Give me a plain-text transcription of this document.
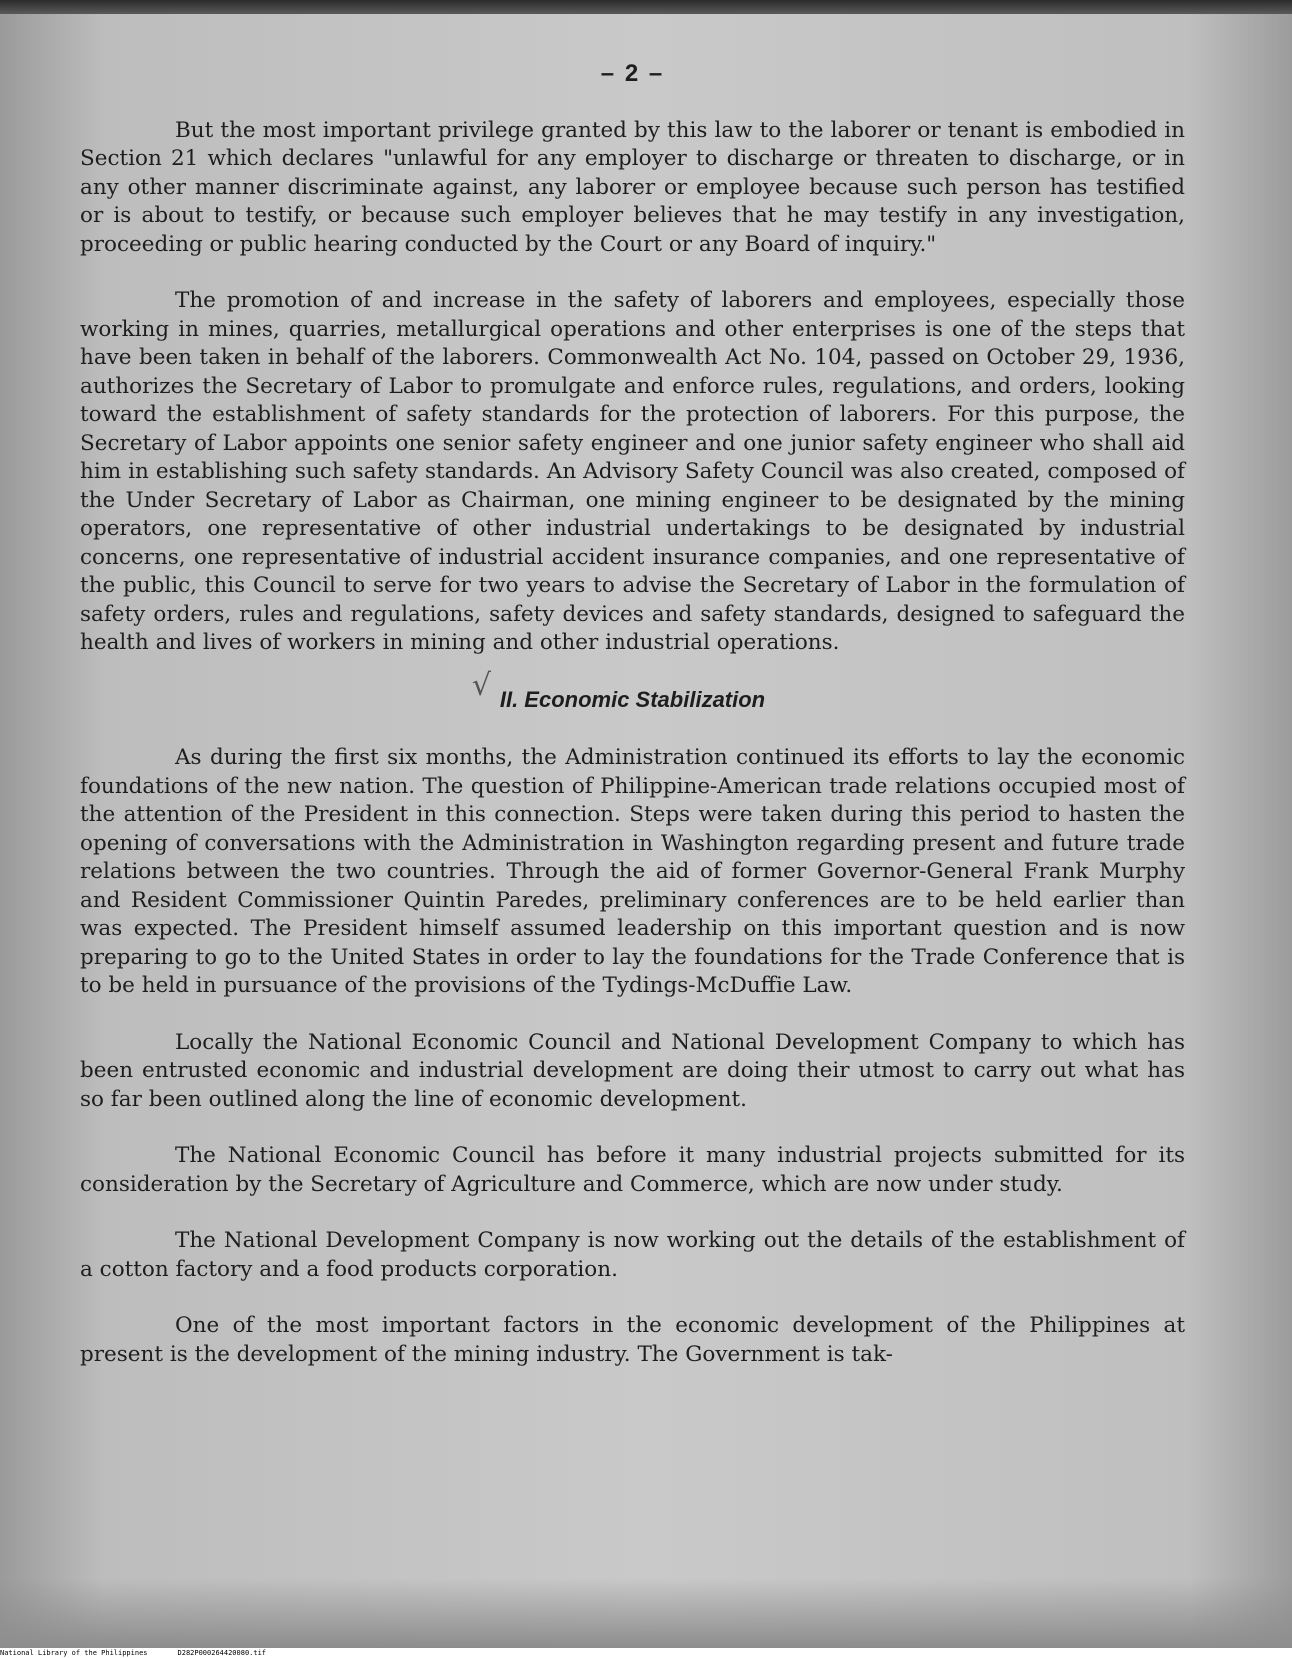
– 2 –

But the most important privilege granted by this law to the laborer or tenant is embodied in Section 21 which declares "unlawful for any employer to discharge or threaten to discharge, or in any other manner discriminate against, any laborer or employee because such person has testified or is about to testify, or because such employer believes that he may testify in any investigation, proceeding or public hearing conducted by the Court or any Board of inquiry."

The promotion of and increase in the safety of laborers and employees, especially those working in mines, quarries, metallurgical operations and other enterprises is one of the steps that have been taken in behalf of the laborers. Commonwealth Act No. 104, passed on October 29, 1936, authorizes the Secretary of Labor to promulgate and enforce rules, regulations, and orders, looking toward the establishment of safety standards for the protection of laborers. For this purpose, the Secretary of Labor appoints one senior safety engineer and one junior safety engineer who shall aid him in establishing such safety standards. An Advisory Safety Council was also created, composed of the Under Secretary of Labor as Chairman, one mining engineer to be designated by the mining operators, one representative of other industrial undertakings to be designated by industrial concerns, one representative of industrial accident insurance companies, and one representative of the public, this Council to serve for two years to advise the Secretary of Labor in the formulation of safety orders, rules and regulations, safety devices and safety standards, designed to safeguard the health and lives of workers in mining and other industrial operations.

√ II. Economic Stabilization

As during the first six months, the Administration continued its efforts to lay the economic foundations of the new nation. The question of Philippine-American trade relations occupied most of the attention of the President in this connection. Steps were taken during this period to hasten the opening of conversations with the Administration in Washington regarding present and future trade relations between the two countries. Through the aid of former Governor-General Frank Murphy and Resident Commissioner Quintin Paredes, preliminary conferences are to be held earlier than was expected. The President himself assumed leadership on this important question and is now preparing to go to the United States in order to lay the foundations for the Trade Conference that is to be held in pursuance of the provisions of the Tydings-McDuffie Law.

Locally the National Economic Council and National Development Company to which has been entrusted economic and industrial development are doing their utmost to carry out what has so far been outlined along the line of economic development.

The National Economic Council has before it many industrial projects submitted for its consideration by the Secretary of Agriculture and Commerce, which are now under study.

The National Development Company is now working out the details of the establishment of a cotton factory and a food products corporation.

One of the most important factors in the economic development of the Philippines at present is the development of the mining industry. The Government is tak-

National Library of the Philippines	D282P000264420080.tif
